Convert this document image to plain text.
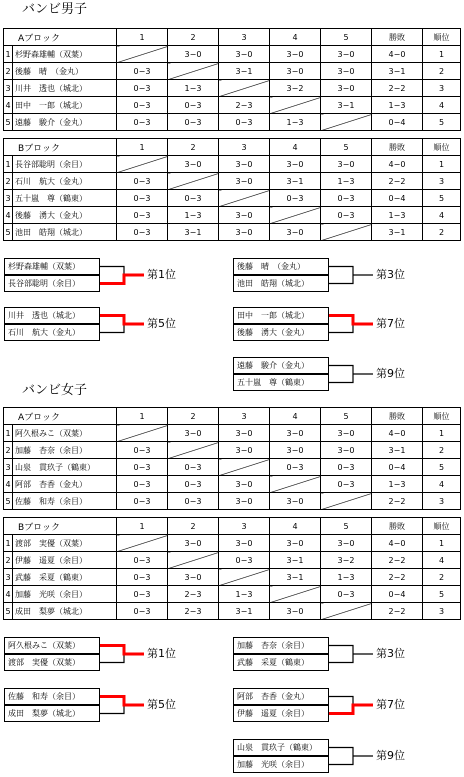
バンビ男子
Aブロック		1	2	3	4	5	勝敗	順位
1	杉野森雄輔（双葉）		3−0	3−0	3−0	3−0	4−0	1
2	後藤　晴　（金丸）	0−3		3−1	3−0	3−0	3−1	2
3	川井　透也（城北）	0−3	1−3		3−2	3−0	2−2	3
4	田中　一郎（城北）	0−3	0−3	2−3		3−1	1−3	4
5	遠藤　駿介（金丸）	0−3	0−3	0−3	1−3		0−4	5
Bブロック		1	2	3	4	5	勝敗	順位
1	長谷部聡明（余目）		3−0	3−0	3−0	3−0	4−0	1
2	石川　航大（金丸）	0−3		3−0	3−1	1−3	2−2	3
3	五十嵐　尊（鶴東）	0−3	0−3		0−3	0−3	0−4	5
4	後藤　湧大（金丸）	0−3	1−3	3−0		0−3	1−3	4
5	池田　皓翔（城北）	0−3	3−1	3−0	3−0		3−1	2
バンビ女子
Aブロック		1	2	3	4	5	勝敗	順位
1	阿久根みこ（双葉）		3−0	3−0	3−0	3−0	4−0	1
2	加藤　杏奈（余目）	0−3		3−0	3−0	3−0	3−1	2
3	山泉　貫玖子（鶴東）	0−3	0−3		0−3	0−3	0−4	5
4	阿部　杏香（金丸）	0−3	0−3	3−0		0−3	1−3	4
5	佐藤　和寿（余目）	0−3	0−3	3−0	3−0		2−2	3
Bブロック		1	2	3	4	5	勝敗	順位
1	渡部　実優（双葉）		3−0	3−0	3−0	3−0	4−0	1
2	伊藤　遥夏（余目）	0−3		0−3	3−1	3−2	2−2	4
3	武藤　采夏（鶴東）	0−3	3−0		3−1	1−3	2−2	2
4	加藤　光咲（余目）	0−3	2−3	1−3		0−3	0−4	5
5	成田　梨夢（城北）	0−3	2−3	3−1	3−0		2−2	3
杉野森雄輔（双葉）
長谷部聡明（余目）
第1位
後藤　晴　（金丸）
池田　皓翔（城北）
第3位
川井　透也（城北）
石川　航大（金丸）
第5位
田中　一郎（城北）
後藤　湧大（金丸）
第7位
遠藤　駿介（金丸）
五十嵐　尊（鶴東）
第9位
阿久根みこ（双葉）
渡部　実優（双葉）
第1位
加藤　杏奈（余目）
武藤　采夏（鶴東）
第3位
佐藤　和寿（余目）
成田　梨夢（城北）
第5位
阿部　杏香（金丸）
伊藤　遥夏（余目）
第7位
山泉　貫玖子（鶴東）
加藤　光咲（余目）
第9位
